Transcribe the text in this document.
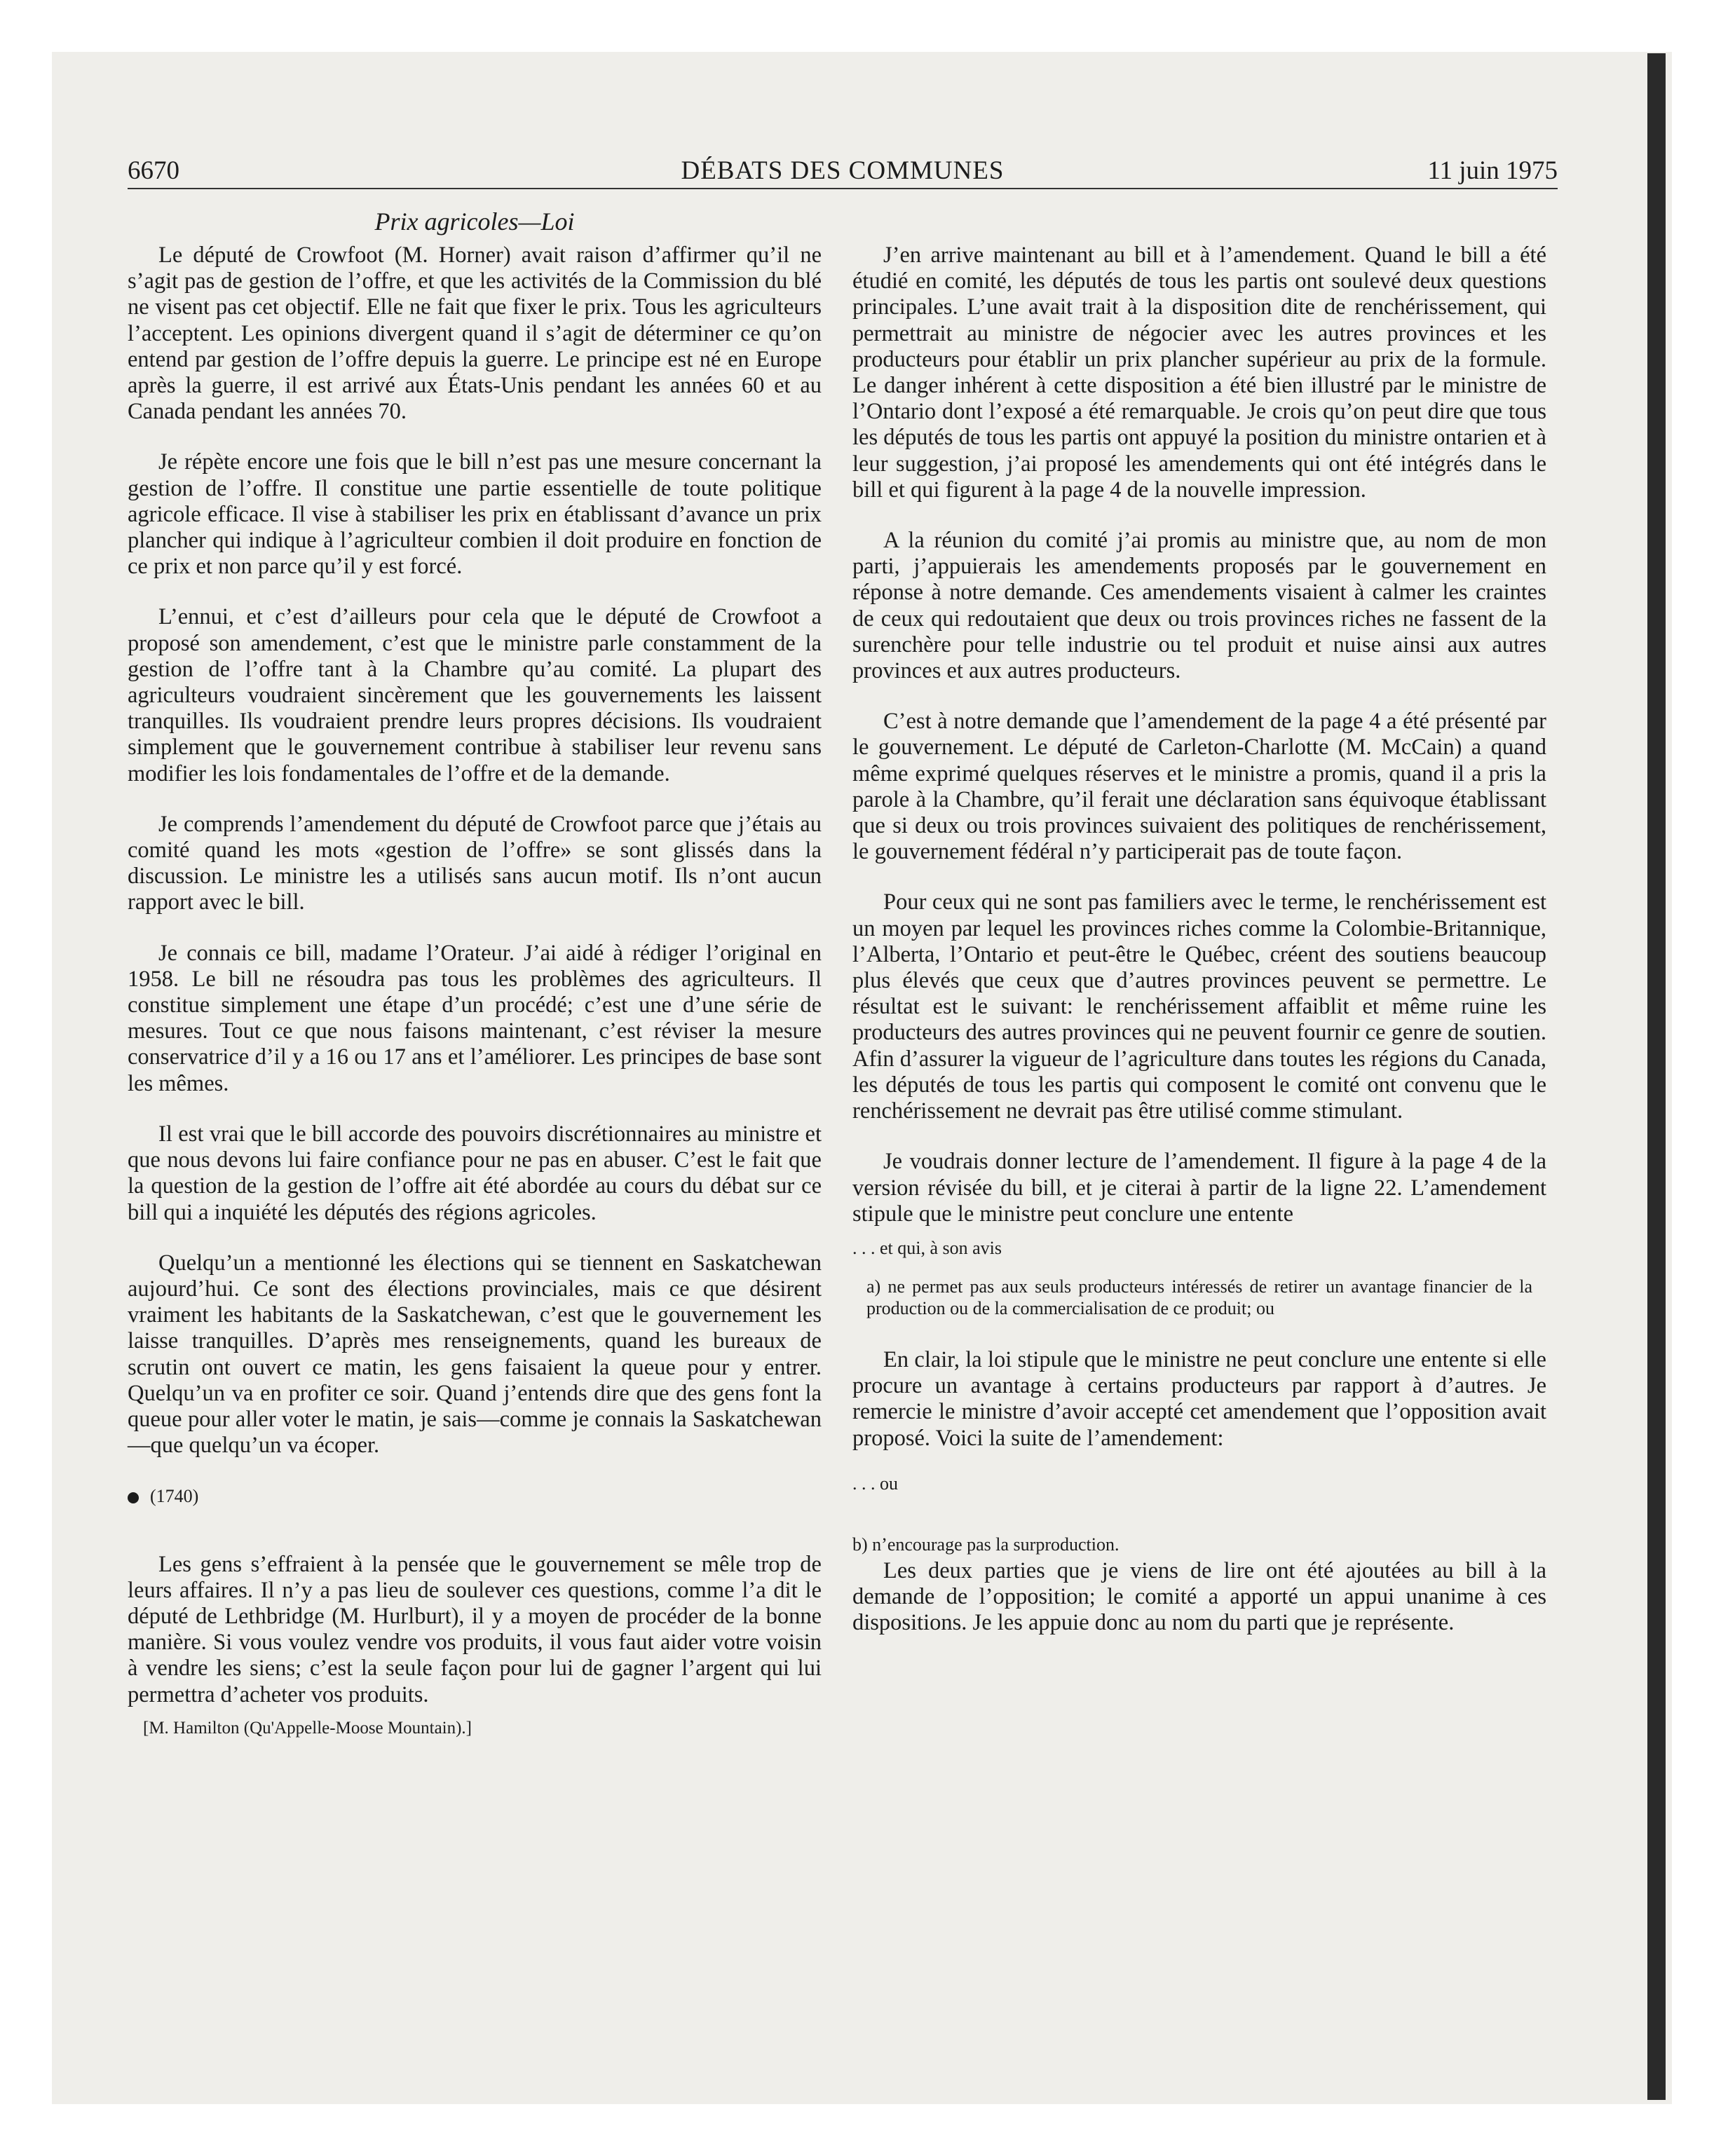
6670	DÉBATS DES COMMUNES	11 juin 1975
Prix agricoles—Loi

Le député de Crowfoot (M. Horner) avait raison d’affirmer qu’il ne s’agit pas de gestion de l’offre, et que les activités de la Commission du blé ne visent pas cet objectif. Elle ne fait que fixer le prix. Tous les agriculteurs l’acceptent. Les opinions divergent quand il s’agit de déterminer ce qu’on entend par gestion de l’offre depuis la guerre. Le principe est né en Europe après la guerre, il est arrivé aux États-Unis pendant les années 60 et au Canada pendant les années 70.

Je répète encore une fois que le bill n’est pas une mesure concernant la gestion de l’offre. Il constitue une partie essentielle de toute politique agricole efficace. Il vise à stabiliser les prix en établissant d’avance un prix plancher qui indique à l’agriculteur combien il doit produire en fonction de ce prix et non parce qu’il y est forcé.

L’ennui, et c’est d’ailleurs pour cela que le député de Crowfoot a proposé son amendement, c’est que le ministre parle constamment de la gestion de l’offre tant à la Chambre qu’au comité. La plupart des agriculteurs voudraient sincèrement que les gouvernements les laissent tranquilles. Ils voudraient prendre leurs propres décisions. Ils voudraient simplement que le gouvernement contribue à stabiliser leur revenu sans modifier les lois fondamentales de l’offre et de la demande.

Je comprends l’amendement du député de Crowfoot parce que j’étais au comité quand les mots «gestion de l’offre» se sont glissés dans la discussion. Le ministre les a utilisés sans aucun motif. Ils n’ont aucun rapport avec le bill.

Je connais ce bill, madame l’Orateur. J’ai aidé à rédiger l’original en 1958. Le bill ne résoudra pas tous les problèmes des agriculteurs. Il constitue simplement une étape d’un procédé; c’est une d’une série de mesures. Tout ce que nous faisons maintenant, c’est réviser la mesure conservatrice d’il y a 16 ou 17 ans et l’améliorer. Les principes de base sont les mêmes.

Il est vrai que le bill accorde des pouvoirs discrétionnaires au ministre et que nous devons lui faire confiance pour ne pas en abuser. C’est le fait que la question de la gestion de l’offre ait été abordée au cours du débat sur ce bill qui a inquiété les députés des régions agricoles.

Quelqu’un a mentionné les élections qui se tiennent en Saskatchewan aujourd’hui. Ce sont des élections provinciales, mais ce que désirent vraiment les habitants de la Saskatchewan, c’est que le gouvernement les laisse tranquilles. D’après mes renseignements, quand les bureaux de scrutin ont ouvert ce matin, les gens faisaient la queue pour y entrer. Quelqu’un va en profiter ce soir. Quand j’entends dire que des gens font la queue pour aller voter le matin, je sais—comme je connais la Saskatchewan—que quelqu’un va écoper.

(1740)

Les gens s’effraient à la pensée que le gouvernement se mêle trop de leurs affaires. Il n’y a pas lieu de soulever ces questions, comme l’a dit le député de Lethbridge (M. Hurlburt), il y a moyen de procéder de la bonne manière. Si vous voulez vendre vos produits, il vous faut aider votre voisin à vendre les siens; c’est la seule façon pour lui de gagner l’argent qui lui permettra d’acheter vos produits.

[M. Hamilton (Qu'Appelle-Moose Mountain).]

J’en arrive maintenant au bill et à l’amendement. Quand le bill a été étudié en comité, les députés de tous les partis ont soulevé deux questions principales. L’une avait trait à la disposition dite de renchérissement, qui permettrait au ministre de négocier avec les autres provinces et les producteurs pour établir un prix plancher supérieur au prix de la formule. Le danger inhérent à cette disposition a été bien illustré par le ministre de l’Ontario dont l’exposé a été remarquable. Je crois qu’on peut dire que tous les députés de tous les partis ont appuyé la position du ministre ontarien et à leur suggestion, j’ai proposé les amendements qui ont été intégrés dans le bill et qui figurent à la page 4 de la nouvelle impression.

A la réunion du comité j’ai promis au ministre que, au nom de mon parti, j’appuierais les amendements proposés par le gouvernement en réponse à notre demande. Ces amendements visaient à calmer les craintes de ceux qui redoutaient que deux ou trois provinces riches ne fassent de la surenchère pour telle industrie ou tel produit et nuise ainsi aux autres provinces et aux autres producteurs.

C’est à notre demande que l’amendement de la page 4 a été présenté par le gouvernement. Le député de Carleton-Charlotte (M. McCain) a quand même exprimé quelques réserves et le ministre a promis, quand il a pris la parole à la Chambre, qu’il ferait une déclaration sans équivoque établissant que si deux ou trois provinces suivaient des politiques de renchérissement, le gouvernement fédéral n’y participerait pas de toute façon.

Pour ceux qui ne sont pas familiers avec le terme, le renchérissement est un moyen par lequel les provinces riches comme la Colombie-Britannique, l’Alberta, l’Ontario et peut-être le Québec, créent des soutiens beaucoup plus élevés que ceux que d’autres provinces peuvent se permettre. Le résultat est le suivant: le renchérissement affaiblit et même ruine les producteurs des autres provinces qui ne peuvent fournir ce genre de soutien. Afin d’assurer la vigueur de l’agriculture dans toutes les régions du Canada, les députés de tous les partis qui composent le comité ont convenu que le renchérissement ne devrait pas être utilisé comme stimulant.

Je voudrais donner lecture de l’amendement. Il figure à la page 4 de la version révisée du bill, et je citerai à partir de la ligne 22. L’amendement stipule que le ministre peut conclure une entente

. . . et qui, à son avis

a) ne permet pas aux seuls producteurs intéressés de retirer un avantage financier de la production ou de la commercialisation de ce produit; ou

En clair, la loi stipule que le ministre ne peut conclure une entente si elle procure un avantage à certains producteurs par rapport à d’autres. Je remercie le ministre d’avoir accepté cet amendement que l’opposition avait proposé. Voici la suite de l’amendement:

. . . ou

b) n’encourage pas la surproduction.

Les deux parties que je viens de lire ont été ajoutées au bill à la demande de l’opposition; le comité a apporté un appui unanime à ces dispositions. Je les appuie donc au nom du parti que je représente.
